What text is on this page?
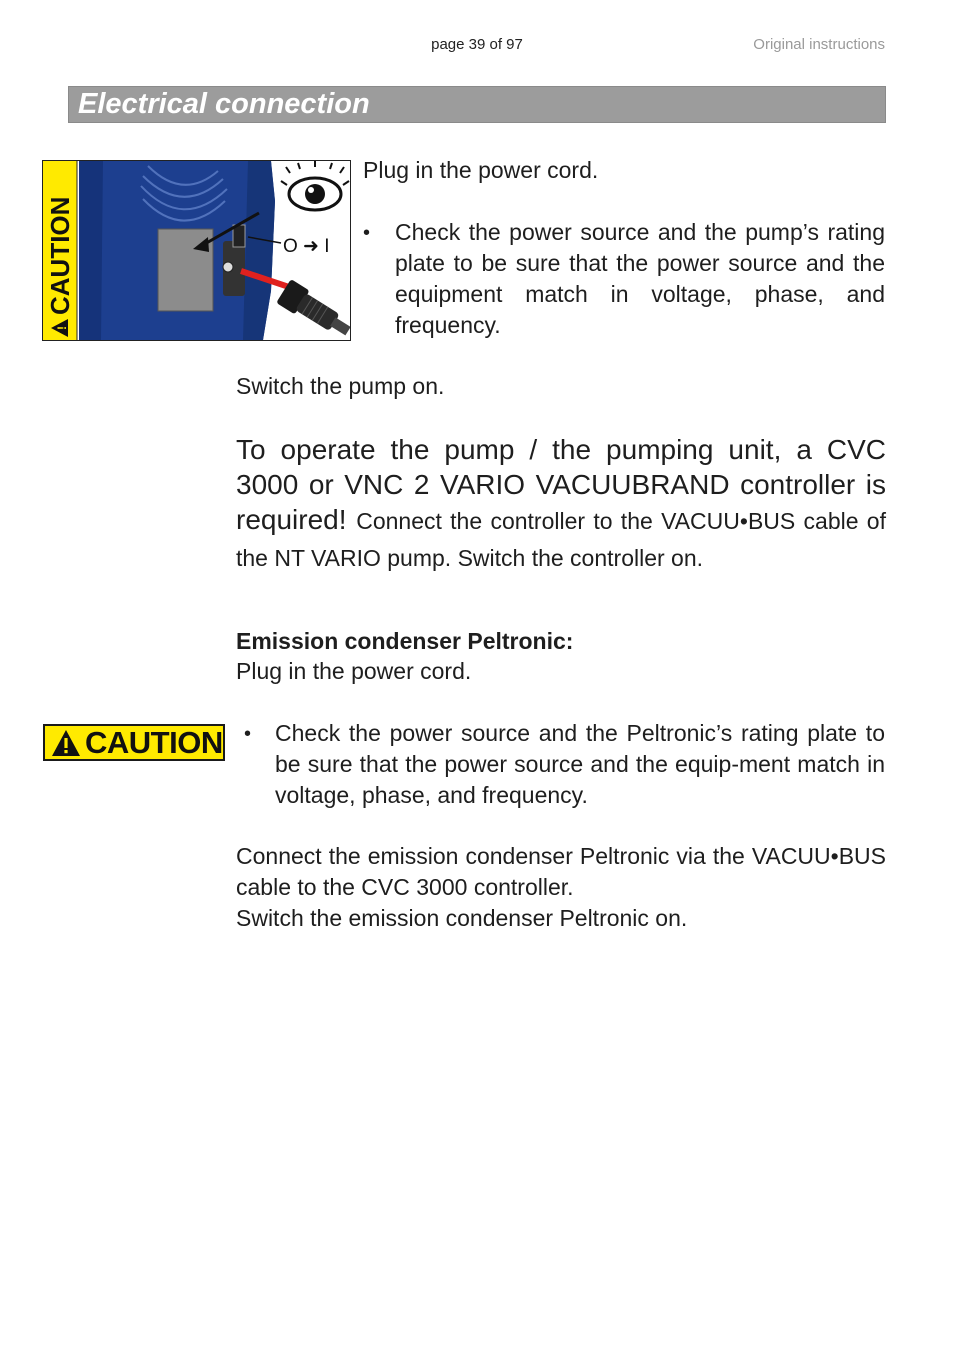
page 39 of 97	Original instructions
Electrical connection
!
CAUTION	O ➜ I
Plug in the power cord.
• Check the power source and the pump’s rating plate to be sure that the power source and the equipment match in voltage, phase, and frequency.
Switch the pump on.
To operate the pump / the pumping unit, a CVC 3000 or VNC 2 VARIO VACUUBRAND controller is required! Connect the controller to the VACUU•BUS cable of the NT VARIO pump. Switch the controller on.
Emission condenser Peltronic:
Plug in the power cord.
CAUTION • Check the power source and the Peltronic’s rating plate to be sure that the power source and the equip-ment match in voltage, phase, and frequency.
Connect the emission condenser Peltronic via the VACUU•BUS cable to the CVC 3000 controller.
Switch the emission condenser Peltronic on.
